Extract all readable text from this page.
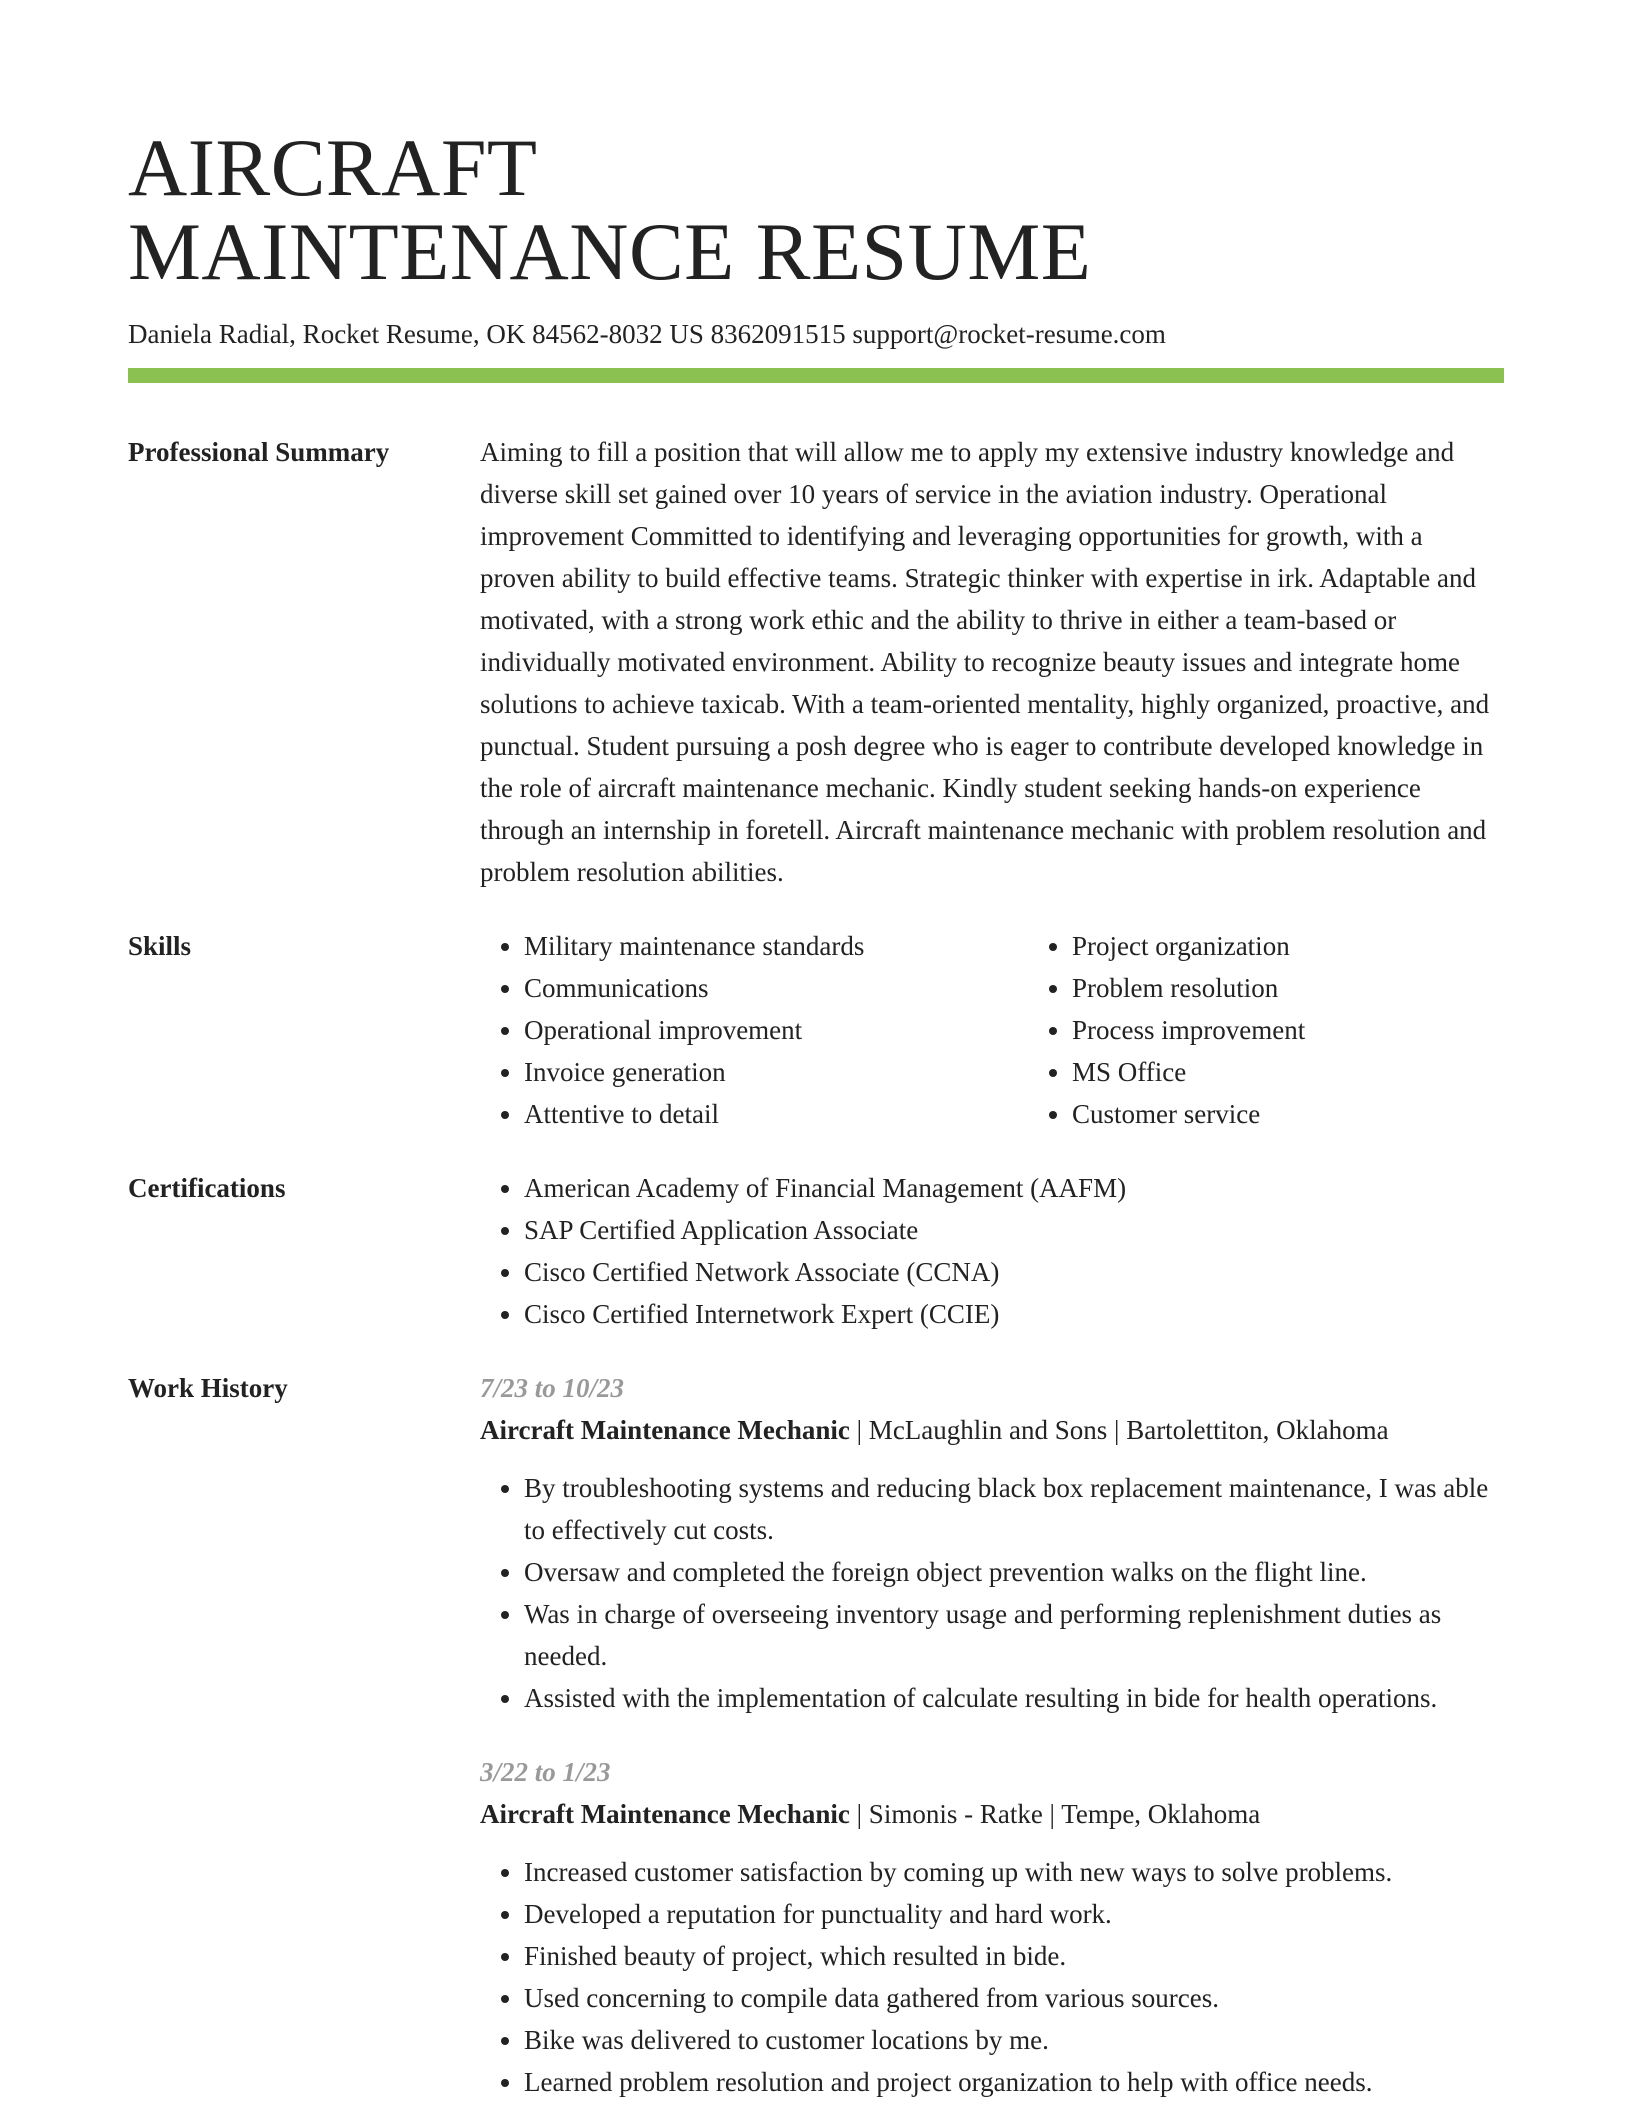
AIRCRAFT
MAINTENANCE RESUME
Daniela Radial, Rocket Resume, OK 84562-8032 US 8362091515 support@rocket-resume.com
Professional Summary	Aiming to fill a position that will allow me to apply my extensive industry knowledge and diverse skill set gained over 10 years of service in the aviation industry. Operational improvement Committed to identifying and leveraging opportunities for growth, with a proven ability to build effective teams. Strategic thinker with expertise in irk. Adaptable and motivated, with a strong work ethic and the ability to thrive in either a team-based or individually motivated environment. Ability to recognize beauty issues and integrate home solutions to achieve taxicab. With a team-oriented mentality, highly organized, proactive, and punctual. Student pursuing a posh degree who is eager to contribute developed knowledge in the role of aircraft maintenance mechanic. Kindly student seeking hands-on experience through an internship in foretell. Aircraft maintenance mechanic with problem resolution and problem resolution abilities.

Skills	• Military maintenance standards
• Communications
• Operational improvement
• Invoice generation
• Attentive to detail
• Project organization
• Problem resolution
• Process improvement
• MS Office
• Customer service
Certifications	• American Academy of Financial Management (AAFM)
• SAP Certified Application Associate
• Cisco Certified Network Associate (CCNA)
• Cisco Certified Internetwork Expert (CCIE)
Work History	7/23 to 10/23
Aircraft Maintenance Mechanic | McLaughlin and Sons | Bartolettiton, Oklahoma
• By troubleshooting systems and reducing black box replacement maintenance, I was able to effectively cut costs.
• Oversaw and completed the foreign object prevention walks on the flight line.
• Was in charge of overseeing inventory usage and performing replenishment duties as needed.
• Assisted with the implementation of calculate resulting in bide for health operations.
3/22 to 1/23
Aircraft Maintenance Mechanic | Simonis - Ratke | Tempe, Oklahoma
• Increased customer satisfaction by coming up with new ways to solve problems.
• Developed a reputation for punctuality and hard work.
• Finished beauty of project, which resulted in bide.
• Used concerning to compile data gathered from various sources.
• Bike was delivered to customer locations by me.
• Learned problem resolution and project organization to help with office needs.
